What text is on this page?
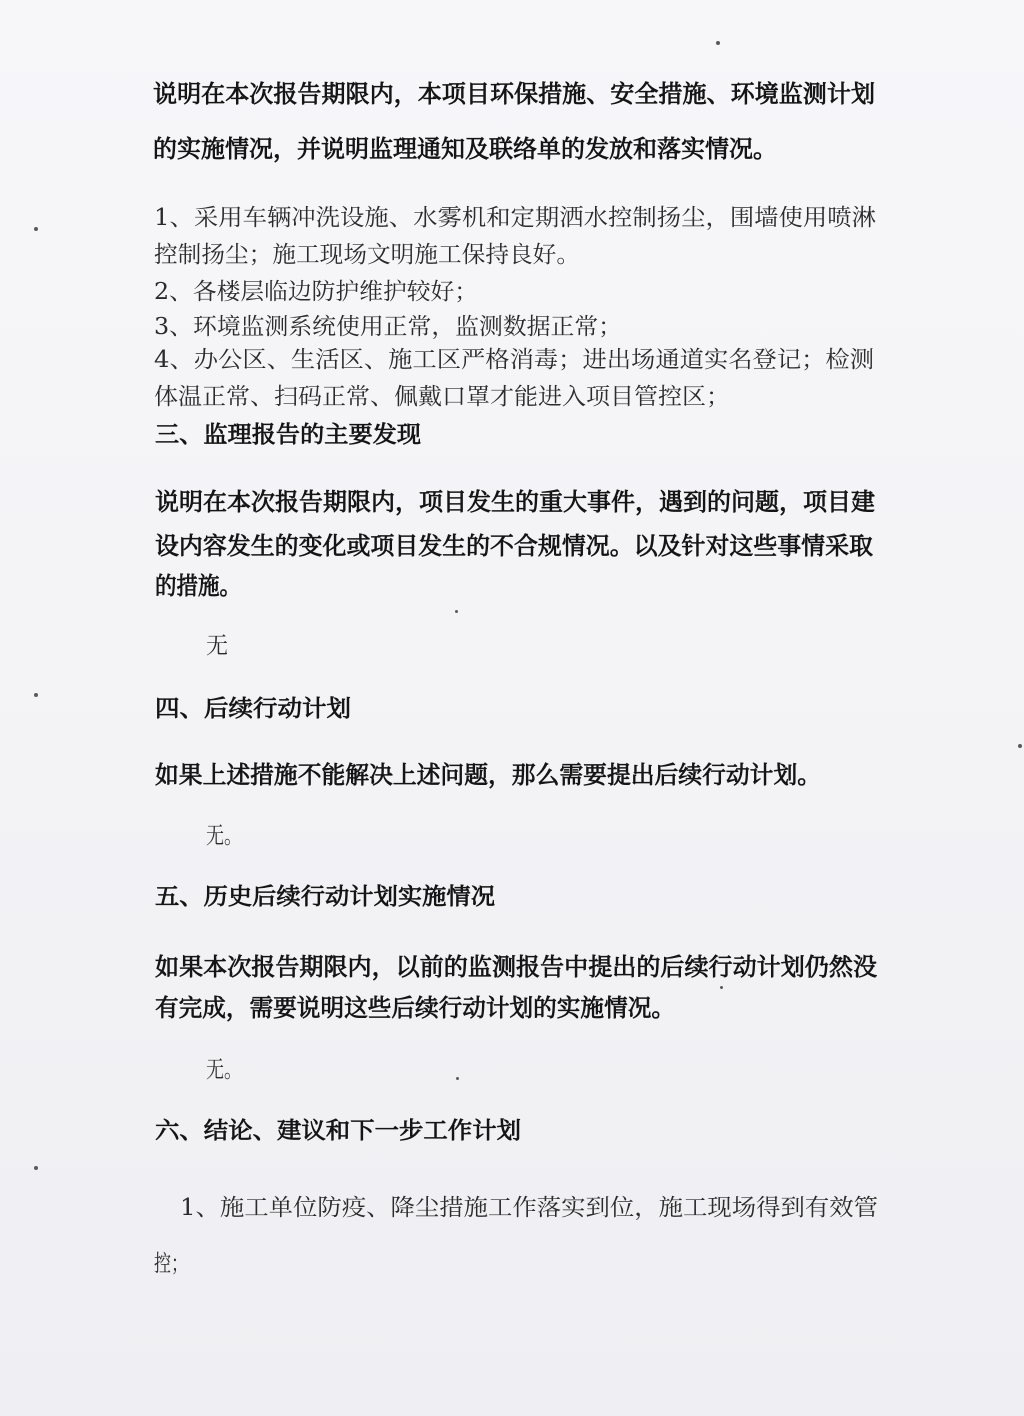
说明在本次报告期限内，本项目环保措施、安全措施、环境监测计划
的实施情况，并说明监理通知及联络单的发放和落实情况。
1、采用车辆冲洗设施、水雾机和定期洒水控制扬尘，围墙使用喷淋
控制扬尘；施工现场文明施工保持良好。
2、各楼层临边防护维护较好；
3、环境监测系统使用正常，监测数据正常；
4、办公区、生活区、施工区严格消毒；进出场通道实名登记；检测
体温正常、扫码正常、佩戴口罩才能进入项目管控区；
三、监理报告的主要发现
说明在本次报告期限内，项目发生的重大事件，遇到的问题，项目建
设内容发生的变化或项目发生的不合规情况。以及针对这些事情采取
的措施。
无
四、后续行动计划
如果上述措施不能解决上述问题，那么需要提出后续行动计划。
无。
五、历史后续行动计划实施情况
如果本次报告期限内，以前的监测报告中提出的后续行动计划仍然没
有完成，需要说明这些后续行动计划的实施情况。
无。
六、结论、建议和下一步工作计划
1、施工单位防疫、降尘措施工作落实到位，施工现场得到有效管
控；
